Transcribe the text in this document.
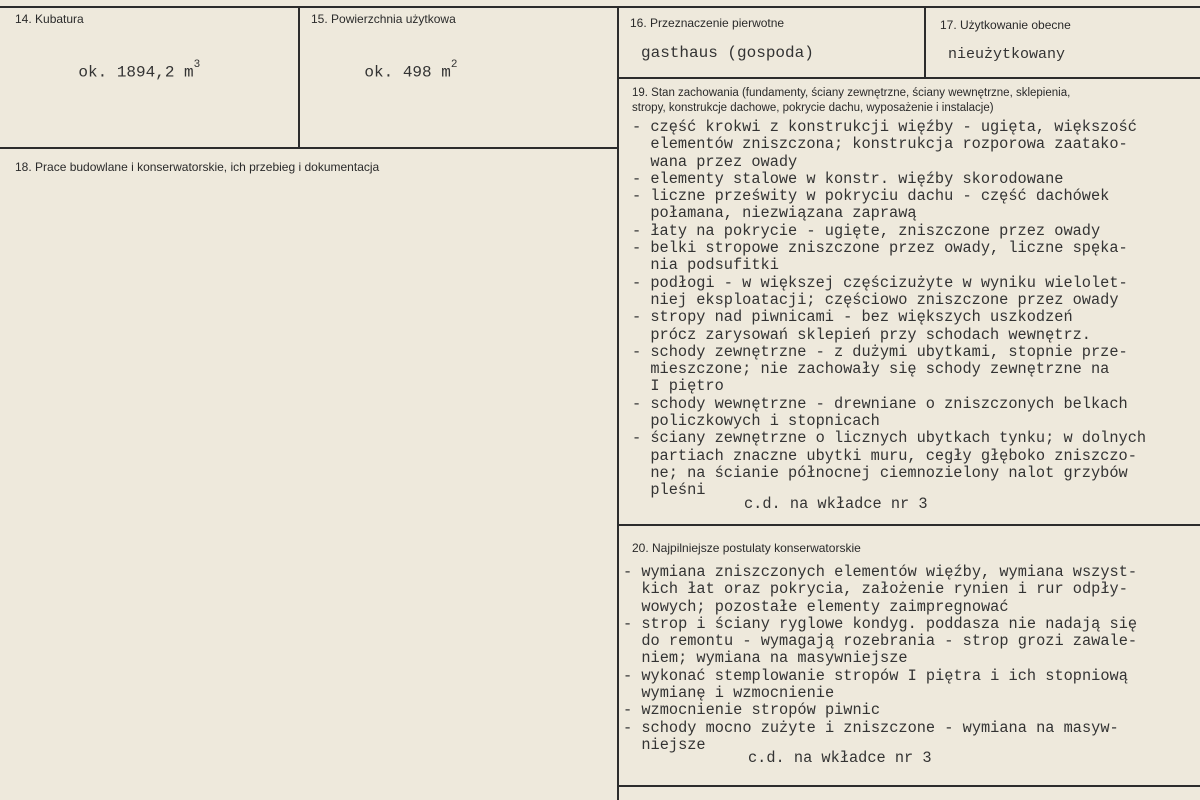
14. Kubatura

ok. 1894,2 $m^3$

15. Powierzchnia użytkowa

ok. 498 $m^2$

16. Przeznaczenie pierwotne
gasthaus (gospoda)
17. Użytkowanie obecne
nieużytkowany
18. Prace budowlane i konserwatorskie, ich przebieg i dokumentacja
19. Stan zachowania (fundamenty, ściany zewnętrzne, ściany wewnętrzne, sklepienia,
stropy, konstrukcje dachowe, pokrycie dachu, wyposażenie i instalacje)
- część krokwi z konstrukcji więźby - ugięta, większość
elementów zniszczona; konstrukcja rozporowa zaatako-
wana przez owady
- elementy stalowe w konstr. więźby skorodowane
- liczne prześwity w pokryciu dachu - część dachówek
połamana, niezwiązana zaprawą
- łaty na pokrycie - ugięte, zniszczone przez owady
- belki stropowe zniszczone przez owady, liczne spęka-
nia podsufitki
- podłogi - w większej częścizużyte w wyniku wielolet-
niej eksploatacji; częściowo zniszczone przez owady
- stropy nad piwnicami - bez większych uszkodzeń
prócz zarysowań sklepień przy schodach wewnętrz.
- schody zewnętrzne - z dużymi ubytkami, stopnie prze-
mieszczone; nie zachowały się schody zewnętrzne na
I piętro
- schody wewnętrzne - drewniane o zniszczonych belkach
policzkowych i stopnicach
- ściany zewnętrzne o licznych ubytkach tynku; w dolnych
partiach znaczne ubytki muru, cegły głęboko zniszczo-
ne; na ścianie północnej ciemnozielony nalot grzybów
pleśni
c.d. na wkładce nr 3
20. Najpilniejsze postulaty konserwatorskie
- wymiana zniszczonych elementów więźby, wymiana wszyst-
kich łat oraz pokrycia, założenie rynien i rur odpły-
wowych; pozostałe elementy zaimpregnować
- strop i ściany ryglowe kondyg. poddasza nie nadają się
do remontu - wymagają rozebrania - strop grozi zawale-
niem; wymiana na masywniejsze
- wykonać stemplowanie stropów I piętra i ich stopniową
wymianę i wzmocnienie
- wzmocnienie stropów piwnic
- schody mocno zużyte i zniszczone - wymiana na masyw-
niejsze
c.d. na wkładce nr 3
